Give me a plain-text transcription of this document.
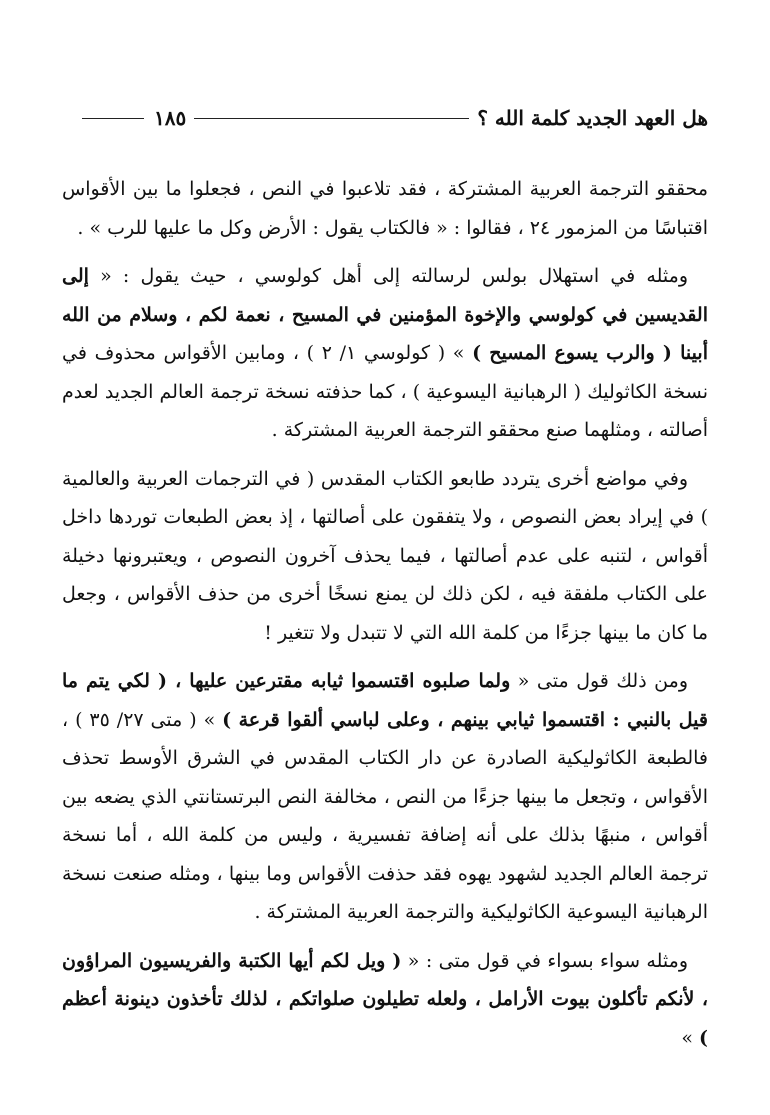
هل العهد الجديد كلمة الله ؟
١٨٥

محققو الترجمة العربية المشتركة ، فقد تلاعبوا في النص ، فجعلوا ما بين الأقواس اقتباسًا من المزمور ٢٤ ، فقالوا : « فالكتاب يقول : الأرض وكل ما عليها للرب » .

ومثله في استهلال بولس لرسالته إلى أهل كولوسي ، حيث يقول : « إلى القديسين في كولوسي والإخوة المؤمنين في المسيح ، نعمة لكم ، وسلام من الله أبينا ( والرب يسوع المسيح ) » ( كولوسي ١/ ٢ ) ، ومابين الأقواس محذوف في نسخة الكاثوليك ( الرهبانية اليسوعية ) ، كما حذفته نسخة ترجمة العالم الجديد لعدم أصالته ، ومثلهما صنع محققو الترجمة العربية المشتركة .

وفي مواضع أخرى يتردد طابعو الكتاب المقدس ( في الترجمات العربية والعالمية ) في إيراد بعض النصوص ، ولا يتفقون على أصالتها ، إذ بعض الطبعات توردها داخل أقواس ، لتنبه على عدم أصالتها ، فيما يحذف آخرون النصوص ، ويعتبرونها دخيلة على الكتاب ملفقة فيه ، لكن ذلك لن يمنع نسخًا أخرى من حذف الأقواس ، وجعل ما كان ما بينها جزءًا من كلمة الله التي لا تتبدل ولا تتغير !

ومن ذلك قول متى « ولما صلبوه اقتسموا ثيابه مقترعين عليها ، ( لكي يتم ما قيل بالنبي : اقتسموا ثيابي بينهم ، وعلى لباسي ألقوا قرعة ) » ( متى ٢٧/ ٣٥ ) ، فالطبعة الكاثوليكية الصادرة عن دار الكتاب المقدس في الشرق الأوسط تحذف الأقواس ، وتجعل ما بينها جزءًا من النص ، مخالفة النص البرتستانتي الذي يضعه بين أقواس ، منبهًا بذلك على أنه إضافة تفسيرية ، وليس من كلمة الله ، أما نسخة ترجمة العالم الجديد لشهود يهوه فقد حذفت الأقواس وما بينها ، ومثله صنعت نسخة الرهبانية اليسوعية الكاثوليكية والترجمة العربية المشتركة .

ومثله سواء بسواء في قول متى : « ( ويل لكم أيها الكتبة والفريسيون المراؤون ، لأنكم تأكلون بيوت الأرامل ، ولعله تطيلون صلواتكم ، لذلك تأخذون دينونة أعظم ) »
